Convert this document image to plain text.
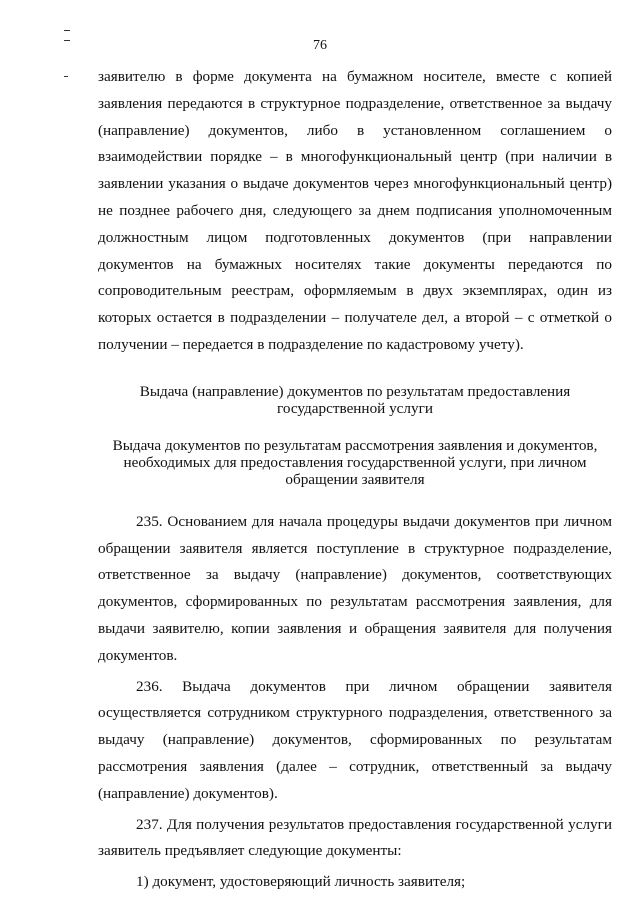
76

заявителю в форме документа на бумажном носителе, вместе с копией заявления передаются в структурное подразделение, ответственное за выдачу (направление) документов, либо в установленном соглашением о взаимодействии порядке – в многофункциональный центр (при наличии в заявлении указания о выдаче документов через многофункциональный центр) не позднее рабочего дня, следующего за днем подписания уполномоченным должностным лицом подготовленных документов (при направлении документов на бумажных носителях такие документы передаются по сопроводительным реестрам, оформляемым в двух экземплярах, один из которых остается в подразделении – получателе дел, а второй – с отметкой о получении – передается в подразделение по кадастровому учету).

Выдача (направление) документов по результатам предоставления государственной услуги
Выдача документов по результатам рассмотрения заявления и документов, необходимых для предоставления государственной услуги, при личном обращении заявителя

235. Основанием для начала процедуры выдачи документов при личном обращении заявителя является поступление в структурное подразделение, ответственное за выдачу (направление) документов, соответствующих документов, сформированных по результатам рассмотрения заявления, для выдачи заявителю, копии заявления и обращения заявителя для получения документов.

236. Выдача документов при личном обращении заявителя осуществляется сотрудником структурного подразделения, ответственного за выдачу (направление) документов, сформированных по результатам рассмотрения заявления (далее – сотрудник, ответственный за выдачу (направление) документов).

237. Для получения результатов предоставления государственной услуги заявитель предъявляет следующие документы:

1) документ, удостоверяющий личность заявителя;
